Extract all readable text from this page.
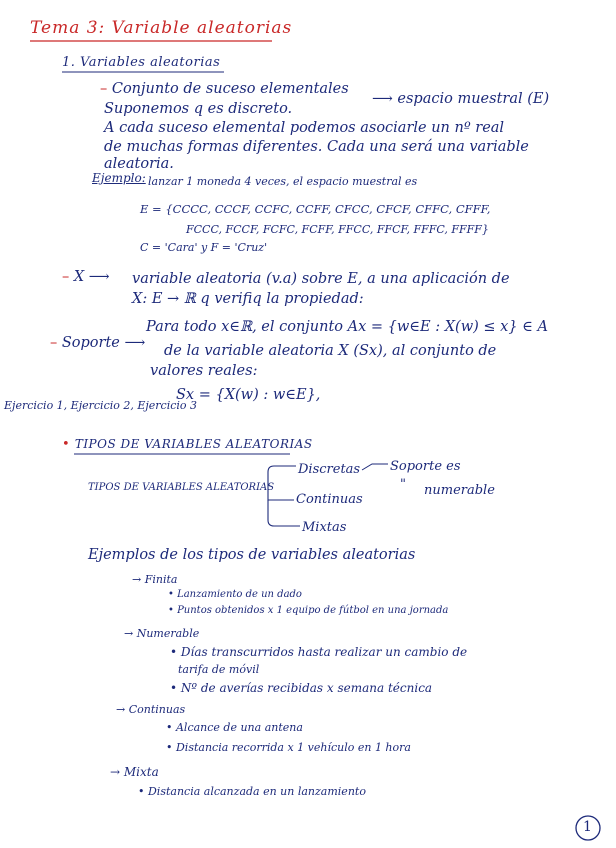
Tema 3: Variable aleatorias
1. Variables aleatorias
– Conjunto de suceso elementales
⟶ espacio muestral (E)
Suponemos q es discreto.
A cada suceso elemental podemos asociarle un nº real
de muchas formas diferentes. Cada una será una variable
aleatoria.
Ejemplo: lanzar 1 moneda 4 veces, el espacio muestral es
E = {CCCC, CCCF, CCFC, CCFF, CFCC, CFCF, CFFC, CFFF,
FCCC, FCCF, FCFC, FCFF, FFCC, FFCF, FFFC, FFFF}
C = 'Cara' y F = 'Cruz'
– X ⟶ variable aleatoria (v.a) sobre E, a una aplicación de
X: E → ℝ q verifiq la propiedad:
Para todo x∈ℝ, el conjunto Ax = {w∈E : X(w) ≤ x} ∈ A
– Soporte ⟶ de la variable aleatoria X (Sx), al conjunto de
valores reales:
Sx = {X(w) : w∈E},
Ejercicio 1, Ejercicio 2, Ejercicio 3
• TIPOS DE VARIABLES ALEATORIAS
TIPOS DE VARIABLES ALEATORIAS
Discretas
Continuas
Mixtas
Soporte es
" numerable
Ejemplos de los tipos de variables aleatorias
→ Finita
• Lanzamiento de un dado
• Puntos obtenidos x 1 equipo de fútbol en una jornada
→ Numerable
• Días transcurridos hasta realizar un cambio de
tarifa de móvil
• Nº de averías recibidas x semana técnica
→ Continuas
• Alcance de una antena
• Distancia recorrida x 1 vehículo en 1 hora
→ Mixta
• Distancia alcanzada en un lanzamiento
1
